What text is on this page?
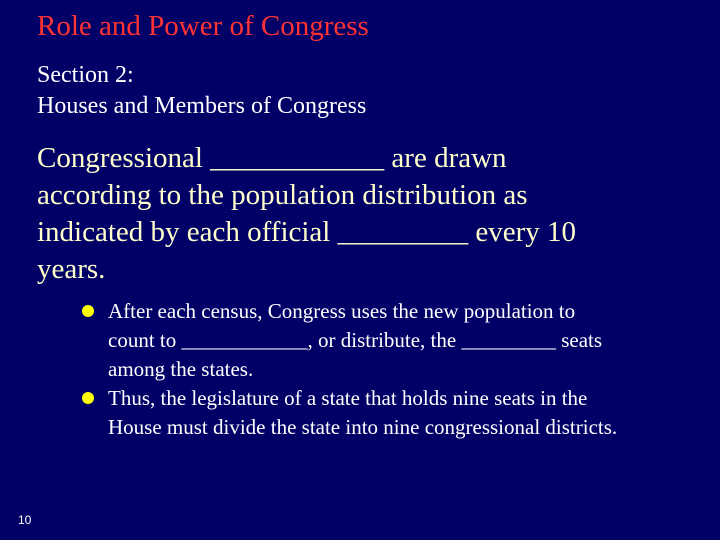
Role and Power of Congress
Section 2:
Houses and Members of Congress
Congressional ____________ are drawn
according to the population distribution as
indicated by each official _________ every 10
years.
After each census, Congress uses the new population to
count to ____________, or distribute, the _________ seats
among the states.
Thus, the legislature of a state that holds nine seats in the
House must divide the state into nine congressional districts.
10
